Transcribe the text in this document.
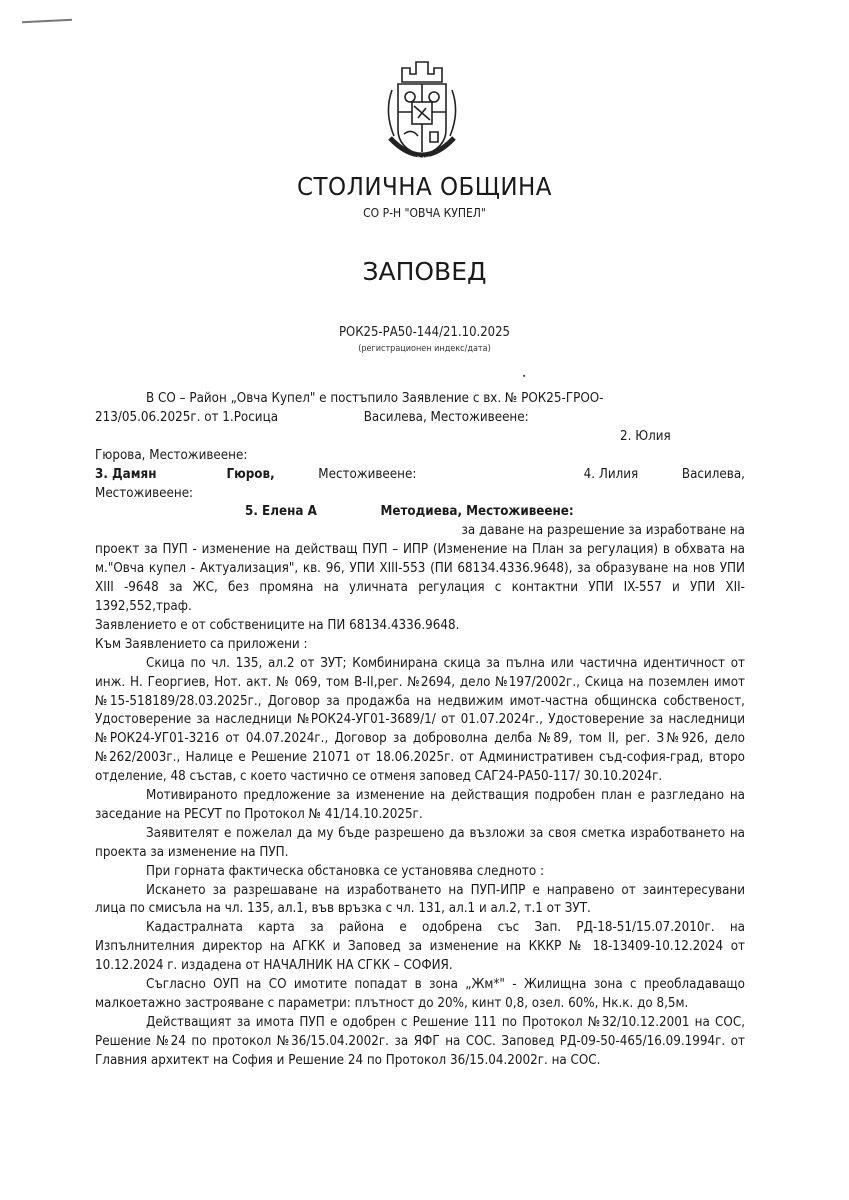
РАСТИ, НО НЕ СТАРЕЙ
СТОЛИЧНА ОБЩИНА
СО Р-Н "ОВЧА КУПЕЛ"
ЗАПОВЕД
РОК25-РА50-144/21.10.2025
(регистрационен индекс/дата)
•

В СО – Район „Овча Купел" е постъпило Заявление с вх. № РОК25-ГРОО-

213/05.06.2025г. от 1.Росица	Василева, Местоживеене:
2. Юлия
Гюрова, Местоживеене:
3. Дамян	Гюров,	Местоживеене:	4. Лилия	Василева,
Местоживеене:
5. Елена А	Методиева, Местоживеене:
за даване на разрешение за изработване на

проект за ПУП - изменение на действащ ПУП – ИПР (Изменение на План за регулация) в обхвата на м."Овча купел - Актуализация", кв. 96, УПИ XIII-553 (ПИ 68134.4336.9648), за образуване на нов УПИ XIII -9648 за ЖС, без промяна на уличната регулация с контактни УПИ IX-557 и УПИ XII-1392,552,траф.

Заявлението е от собствениците на ПИ 68134.4336.9648.

Към Заявлението са приложени :

Скица по чл. 135, ал.2 от ЗУТ; Комбинирана скица за пълна или частична идентичност от инж. Н. Георгиев, Нот. акт. № 069, том В-II,рег. №2694, дело №197/2002г., Скица на поземлен имот №15-518189/28.03.2025г., Договор за продажба на недвижим имот-частна общинска собственост, Удостоверение за наследници №РОК24-УГ01-3689/1/ от 01.07.2024г., Удостоверение за наследници №РОК24-УГ01-3216 от 04.07.2024г., Договор за доброволна делба №89, том II, рег. З№926, дело №262/2003г., Налице е Решение 21071 от 18.06.2025г. от Административен съд-софия-град, второ отделение, 48 състав, с което частично се отменя заповед САГ24-РА50-117/ 30.10.2024г.

Мотивираното предложение за изменение на действащия подробен план е разгледано на заседание на РЕСУТ по Протокол № 41/14.10.2025г.

Заявителят е пожелал да му бъде разрешено да възложи за своя сметка изработването на проекта за изменение на ПУП.

При горната фактическа обстановка се установява следното :

Искането за разрешаване на изработването на ПУП-ИПР е направено от заинтересувани лица по смисъла на чл. 135, ал.1, във връзка с чл. 131, ал.1 и ал.2, т.1 от ЗУТ.

Кадастралната карта за района е одобрена със Зап. РД-18-51/15.07.2010г. на Изпълнителния директор на АГКК и Заповед за изменение на КККР № 18-13409-10.12.2024 от 10.12.2024 г. издадена от НАЧАЛНИК НА СГКК – СОФИЯ.

Съгласно ОУП на СО имотите попадат в зона „Жм*" - Жилищна зона с преобладаващо малкоетажно застрояване с параметри: плътност до 20%, кинт 0,8, озел. 60%, Нк.к. до 8,5м.

Действащият за имота ПУП е одобрен с Решение 111 по Протокол №32/10.12.2001 на СОС, Решение №24 по протокол №36/15.04.2002г. за ЯФГ на СОС. Заповед РД-09-50-465/16.09.1994г. от Главния архитект на София и Решение 24 по Протокол 36/15.04.2002г. на СОС.
